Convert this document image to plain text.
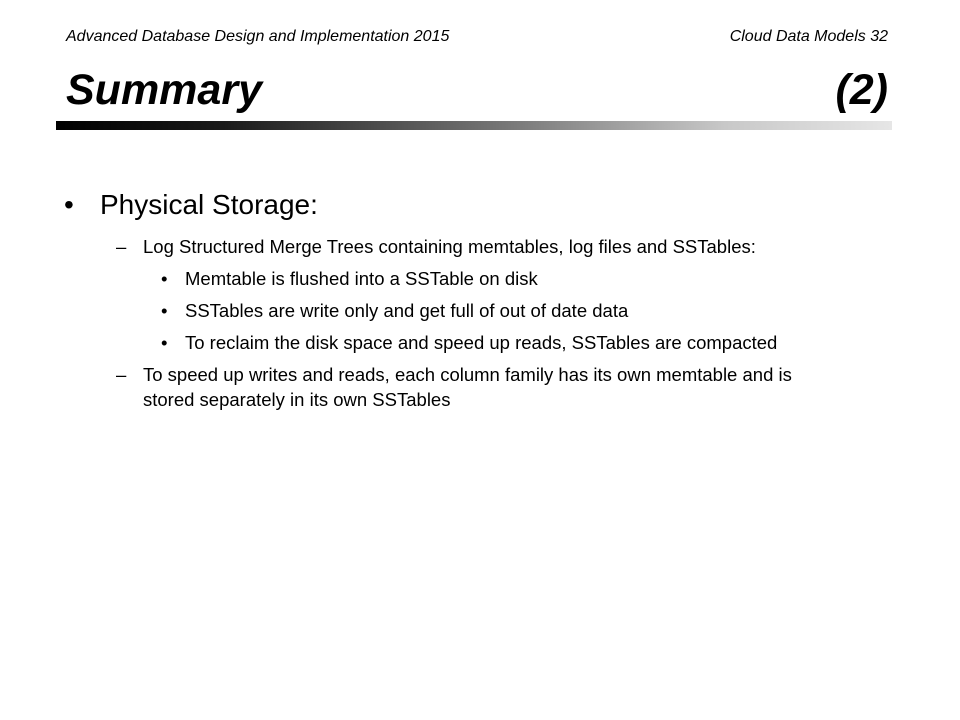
Advanced Database Design and Implementation 2015	Cloud Data Models 32
Summary	(2)
• Physical Storage:
– Log Structured Merge Trees containing memtables, log files and SSTables:
• Memtable is flushed into a SSTable on disk
• SSTables are write only and get full of out of date data
• To reclaim the disk space and speed up reads, SSTables are compacted
– To speed up writes and reads, each column family has its own memtable and is stored separately in its own SSTables
